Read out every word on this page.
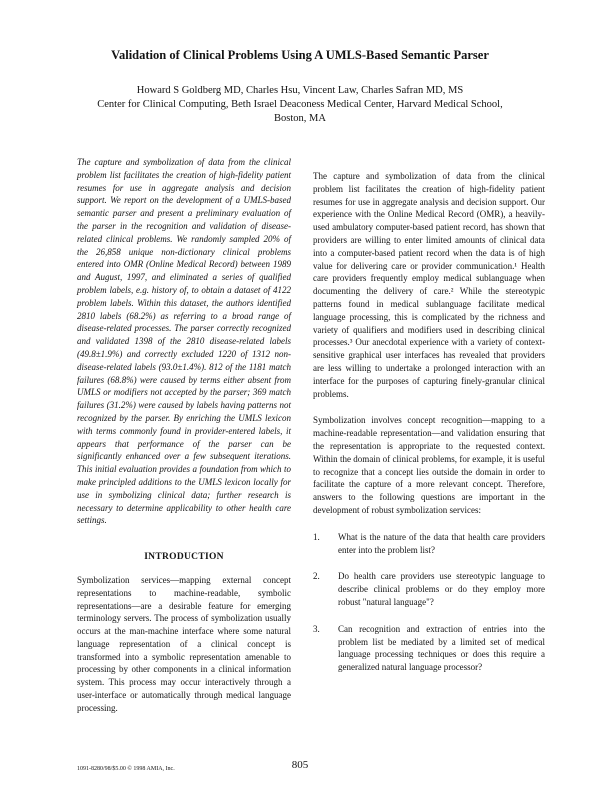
Validation of Clinical Problems Using A UMLS-Based Semantic Parser
Howard S Goldberg MD, Charles Hsu, Vincent Law, Charles Safran MD, MS
Center for Clinical Computing, Beth Israel Deaconess Medical Center, Harvard Medical School,
Boston, MA

The capture and symbolization of data from the clinical problem list facilitates the creation of high-fidelity patient resumes for use in aggregate analysis and decision support. We report on the development of a UMLS-based semantic parser and present a preliminary evaluation of the parser in the recognition and validation of disease-related clinical problems. We randomly sampled 20% of the 26,858 unique non-dictionary clinical problems entered into OMR (Online Medical Record) between 1989 and August, 1997, and eliminated a series of qualified problem labels, e.g. history of, to obtain a dataset of 4122 problem labels. Within this dataset, the authors identified 2810 labels (68.2%) as referring to a broad range of disease-related processes. The parser correctly recognized and validated 1398 of the 2810 disease-related labels (49.8±1.9%) and correctly excluded 1220 of 1312 non-disease-related labels (93.0±1.4%). 812 of the 1181 match failures (68.8%) were caused by terms either absent from UMLS or modifiers not accepted by the parser; 369 match failures (31.2%) were caused by labels having patterns not recognized by the parser. By enriching the UMLS lexicon with terms commonly found in provider-entered labels, it appears that performance of the parser can be significantly enhanced over a few subsequent iterations. This initial evaluation provides a foundation from which to make principled additions to the UMLS lexicon locally for use in symbolizing clinical data; further research is necessary to determine applicability to other health care settings.

INTRODUCTION

Symbolization services—mapping external concept representations to machine-readable, symbolic representations—are a desirable feature for emerging terminology servers. The process of symbolization usually occurs at the man-machine interface where some natural language representation of a clinical concept is transformed into a symbolic representation amenable to processing by other components in a clinical information system. This process may occur interactively through a user-interface or automatically through medical language processing.

The capture and symbolization of data from the clinical problem list facilitates the creation of high-fidelity patient resumes for use in aggregate analysis and decision support. Our experience with the Online Medical Record (OMR), a heavily-used ambulatory computer-based patient record, has shown that providers are willing to enter limited amounts of clinical data into a computer-based patient record when the data is of high value for delivering care or provider communication.¹ Health care providers frequently employ medical sublanguage when documenting the delivery of care.² While the stereotypic patterns found in medical sublanguage facilitate medical language processing, this is complicated by the richness and variety of qualifiers and modifiers used in describing clinical processes.³ Our anecdotal experience with a variety of context-sensitive graphical user interfaces has revealed that providers are less willing to undertake a prolonged interaction with an interface for the purposes of capturing finely-granular clinical problems.

Symbolization involves concept recognition—mapping to a machine-readable representation—and validation ensuring that the representation is appropriate to the requested context. Within the domain of clinical problems, for example, it is useful to recognize that a concept lies outside the domain in order to facilitate the capture of a more relevant concept. Therefore, answers to the following questions are important in the development of robust symbolization services:

1. What is the nature of the data that health care providers enter into the problem list?
2. Do health care providers use stereotypic language to describe clinical problems or do they employ more robust "natural language"?
3. Can recognition and extraction of entries into the problem list be mediated by a limited set of medical language processing techniques or does this require a generalized natural language processor?
1091-8280/98/$5.00 © 1998 AMIA, Inc.	805
